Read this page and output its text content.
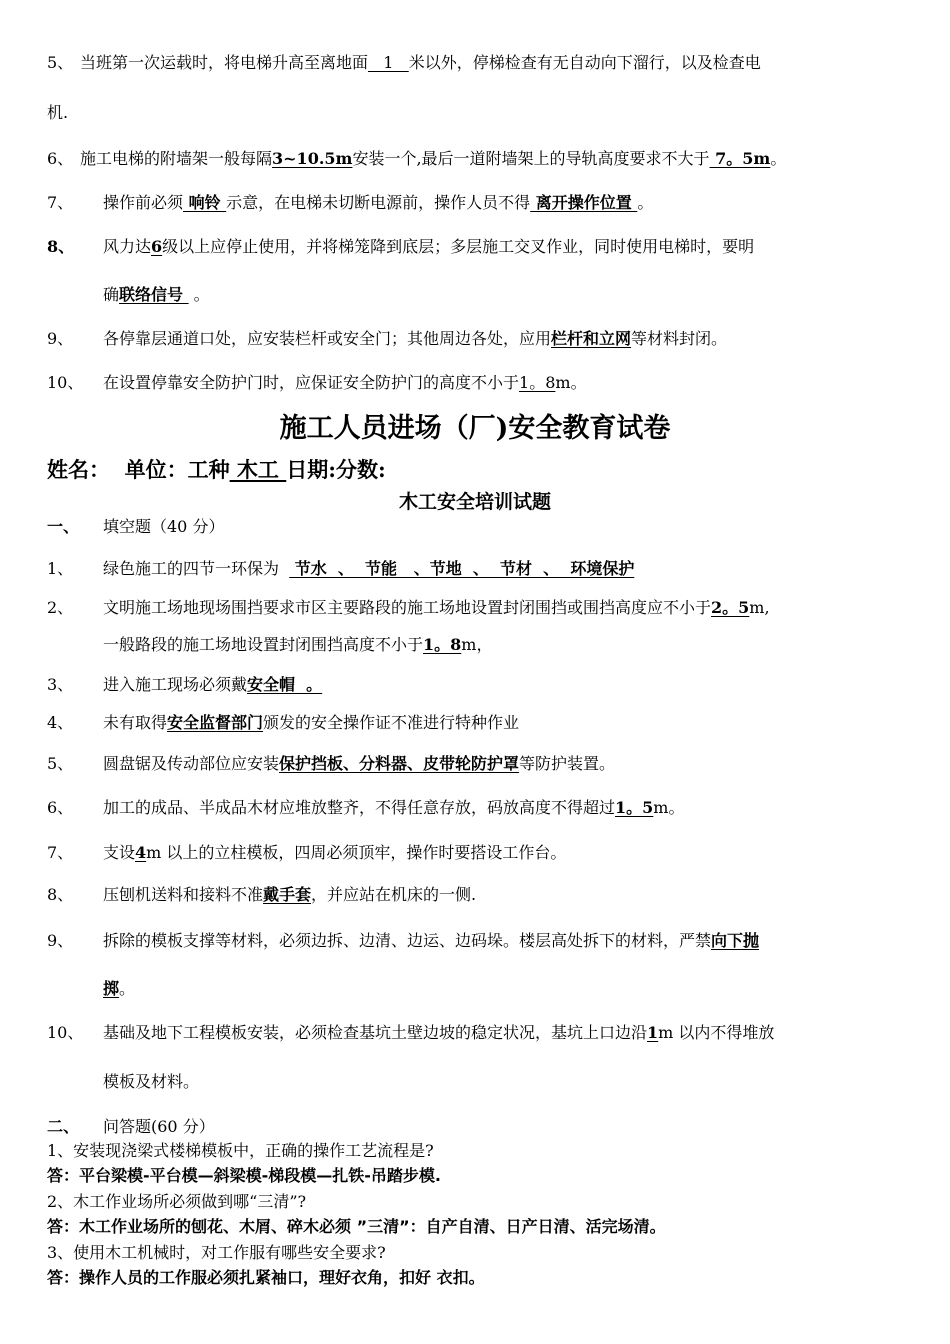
5、 当班第一次运载时，将电梯升高至离地面   1   米以外，停梯检查有无自动向下溜行，以及检查电
机.
6、 施工电梯的附墙架一般每隔3~10.5m安装一个,最后一道附墙架上的导轨高度要求不大于 7。5m。
7、 操作前必须 响铃 示意，在电梯未切断电源前，操作人员不得 离开操作位置 。
8、 风力达6级以上应停止使用，并将梯笼降到底层；多层施工交叉作业，同时使用电梯时，要明
确联络信号  。
9、 各停靠层通道口处，应安装栏杆或安全门；其他周边各处，应用栏杆和立网等材料封闭。
10、 在设置停靠安全防护门时，应保证安全防护门的高度不小于1。8m。
施工人员进场（厂)安全教育试卷
姓名：  单位：工种 木工 日期:分数:
木工安全培训试题
一、 填空题（40 分）
1、 绿色施工的四节一环保为   节水  、  节能   、节地  、  节材  、  环境保护
2、 文明施工场地现场围挡要求市区主要路段的施工场地设置封闭围挡或围挡高度应不小于2。5m,
一般路段的施工场地设置封闭围挡高度不小于1。8m，
3、 进入施工现场必须戴安全帽  。
4、 未有取得安全监督部门颁发的安全操作证不准进行特种作业
5、 圆盘锯及传动部位应安装保护挡板、分料器、皮带轮防护罩等防护装置。
6、 加工的成品、半成品木材应堆放整齐，不得任意存放，码放高度不得超过1。5m。
7、 支设4m 以上的立柱模板，四周必须顶牢，操作时要搭设工作台。
8、 压刨机送料和接料不准戴手套，并应站在机床的一侧.
9、 拆除的模板支撑等材料，必须边拆、边清、边运、边码垛。楼层高处拆下的材料，严禁向下抛
掷。
10、 基础及地下工程模板安装，必须检查基坑土壁边坡的稳定状况，基坑上口边沿1m 以内不得堆放
模板及材料。
二、 问答题(60 分）
1、安装现浇梁式楼梯模板中，正确的操作工艺流程是?
答：平台梁模-平台模—斜梁模-梯段模—扎铁-吊踏步模.
2、木工作业场所必须做到哪“三清”?
答：木工作业场所的刨花、木屑、碎木必须 ”三清”：自产自清、日产日清、活完场清。
3、使用木工机械时，对工作服有哪些安全要求?
答：操作人员的工作服必须扎紧袖口，理好衣角，扣好 衣扣。
